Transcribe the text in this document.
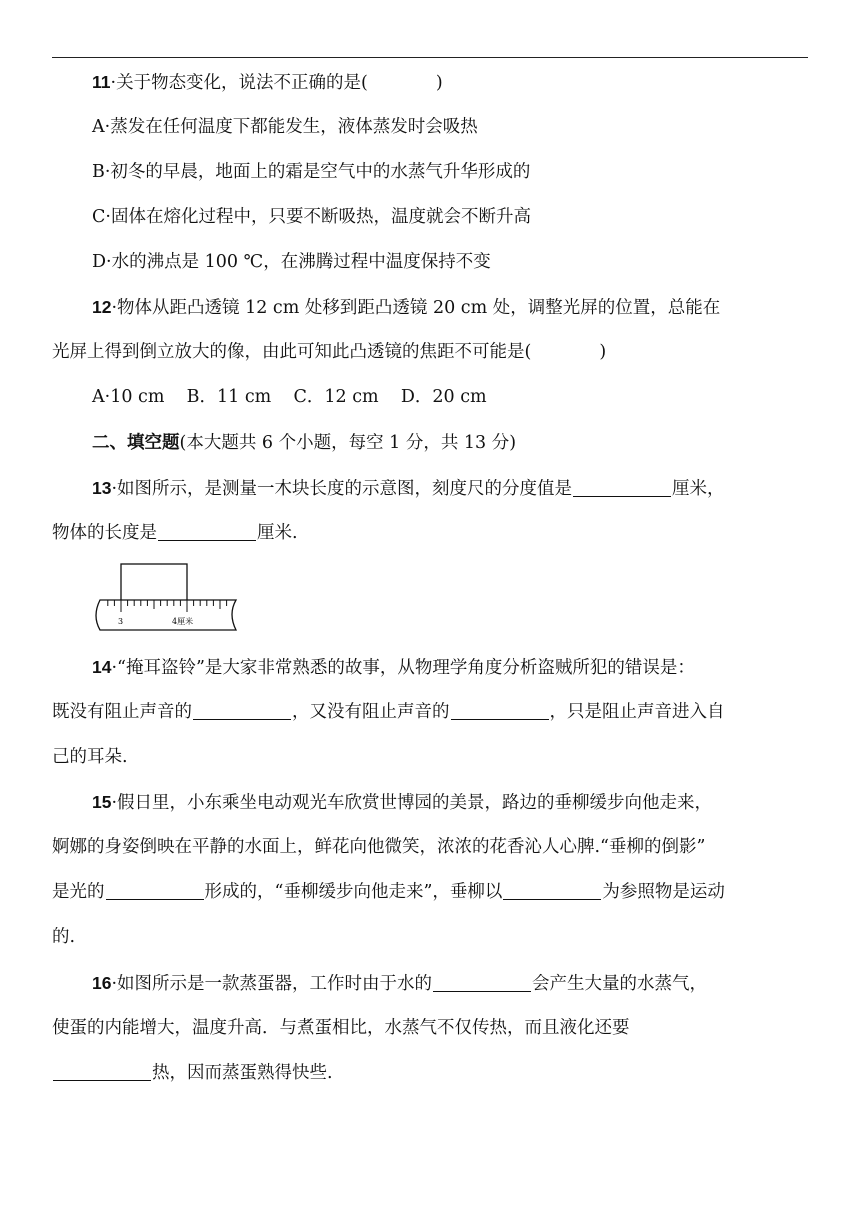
11·关于物态变化，说法不正确的是(	)
A·蒸发在任何温度下都能发生，液体蒸发时会吸热
B·初冬的早晨，地面上的霜是空气中的水蒸气升华形成的
C·固体在熔化过程中，只要不断吸热，温度就会不断升高
D·水的沸点是 100 ℃，在沸腾过程中温度保持不变
12·物体从距凸透镜 12 cm 处移到距凸透镜 20 cm 处，调整光屏的位置，总能在
光屏上得到倒立放大的像，由此可知此凸透镜的焦距不可能是(	)
A·10 cm    B．11 cm    C．12 cm    D．20 cm
二、填空题(本大题共 6 个小题，每空 1 分，共 13 分)
13·如图所示，是测量一木块长度的示意图，刻度尺的分度值是	厘米，
物体的长度是	厘米.
3	4厘米
14·“掩耳盗铃”是大家非常熟悉的故事，从物理学角度分析盗贼所犯的错误是：
既没有阻止声音的	，又没有阻止声音的	，只是阻止声音进入自
己的耳朵.
15·假日里，小东乘坐电动观光车欣赏世博园的美景，路边的垂柳缓步向他走来，
婀娜的身姿倒映在平静的水面上，鲜花向他微笑，浓浓的花香沁人心脾.“垂柳的倒影”
是光的	形成的，“垂柳缓步向他走来”，垂柳以	为参照物是运动
的.
16·如图所示是一款蒸蛋器，工作时由于水的	会产生大量的水蒸气，
使蛋的内能增大，温度升高．与煮蛋相比，水蒸气不仅传热，而且液化还要
热，因而蒸蛋熟得快些.
